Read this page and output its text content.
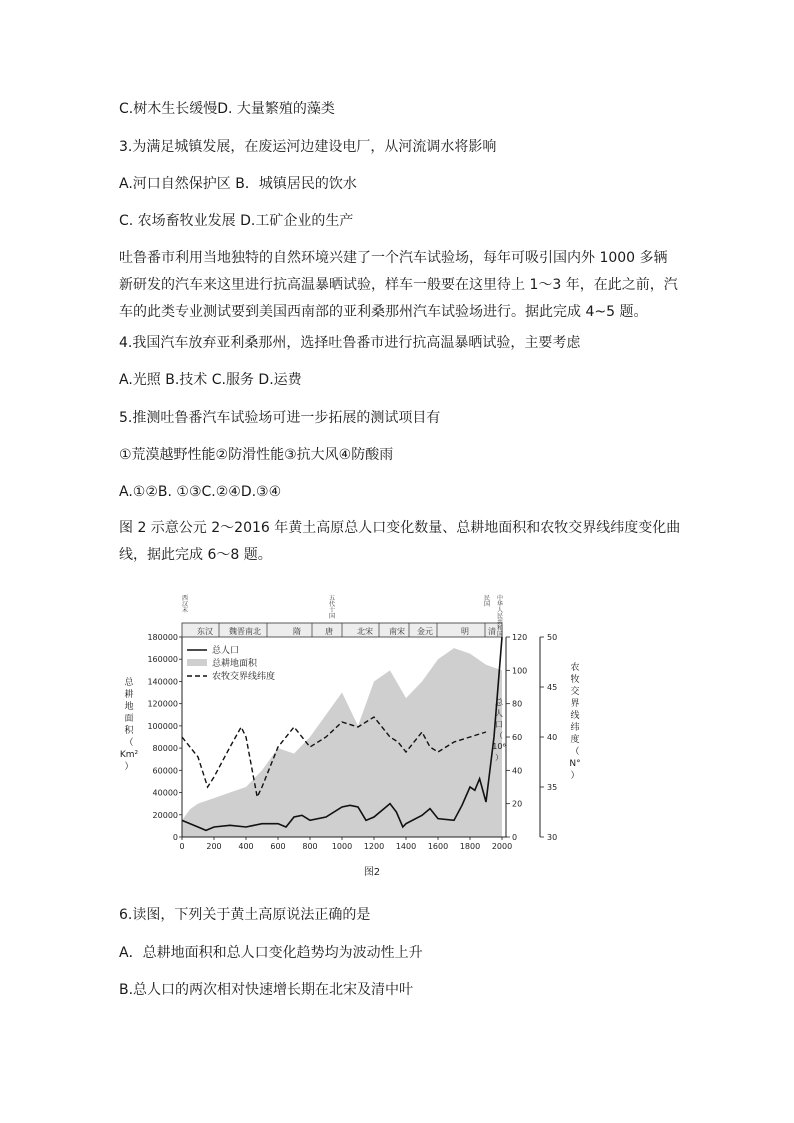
C.树木生长缓慢D. 大量繁殖的藻类
3.为满足城镇发展，在废运河边建设电厂，从河流调水将影响
A.河口自然保护区 B．城镇居民的饮水
C. 农场畜牧业发展 D.工矿企业的生产
吐鲁番市利用当地独特的自然环境兴建了一个汽车试验场，每年可吸引国内外 1000 多辆
新研发的汽车来这里进行抗高温暴晒试验，样车一般要在这里待上 1～3 年，在此之前，汽
车的此类专业测试要到美国西南部的亚利桑那州汽车试验场进行。据此完成 4~5 题。
4.我国汽车放弃亚利桑那州，选择吐鲁番市进行抗高温暴晒试验，主要考虑
A.光照 B.技术 C.服务 D.运费
5.推测吐鲁番汽车试验场可进一步拓展的测试项目有
①荒漠越野性能②防滑性能③抗大风④防酸雨
A.①②B. ①③C.②④D.③④
图 2 示意公元 2～2016 年黄土高原总人口变化数量、总耕地面积和农牧交界线纬度变化曲
线，据此完成 6～8 题。
东汉 魏晋南北	隋	唐	北宋 南宋 金元	明 清
西
汉
末
五
代
十
国
民
国
中
华
人
民
共
和
国
180000
160000
140000
120000
100000
80000
60000
40000
20000
0
120
100
80
60
40
20
0
50
45
40
35
30
0	200 400 600 800 1000 1200 1400 1600 1800 2000
总
耕
地
面
积
（
Km²
）
总
人
口
（
10⁶
）
农
牧
交
界
线
纬
度
（
N°
）
总人口
总耕地面积
农牧交界线纬度
图2
6.读图，下列关于黄土高原说法正确的是
A．总耕地面积和总人口变化趋势均为波动性上升
B.总人口的两次相对快速增长期在北宋及清中叶
